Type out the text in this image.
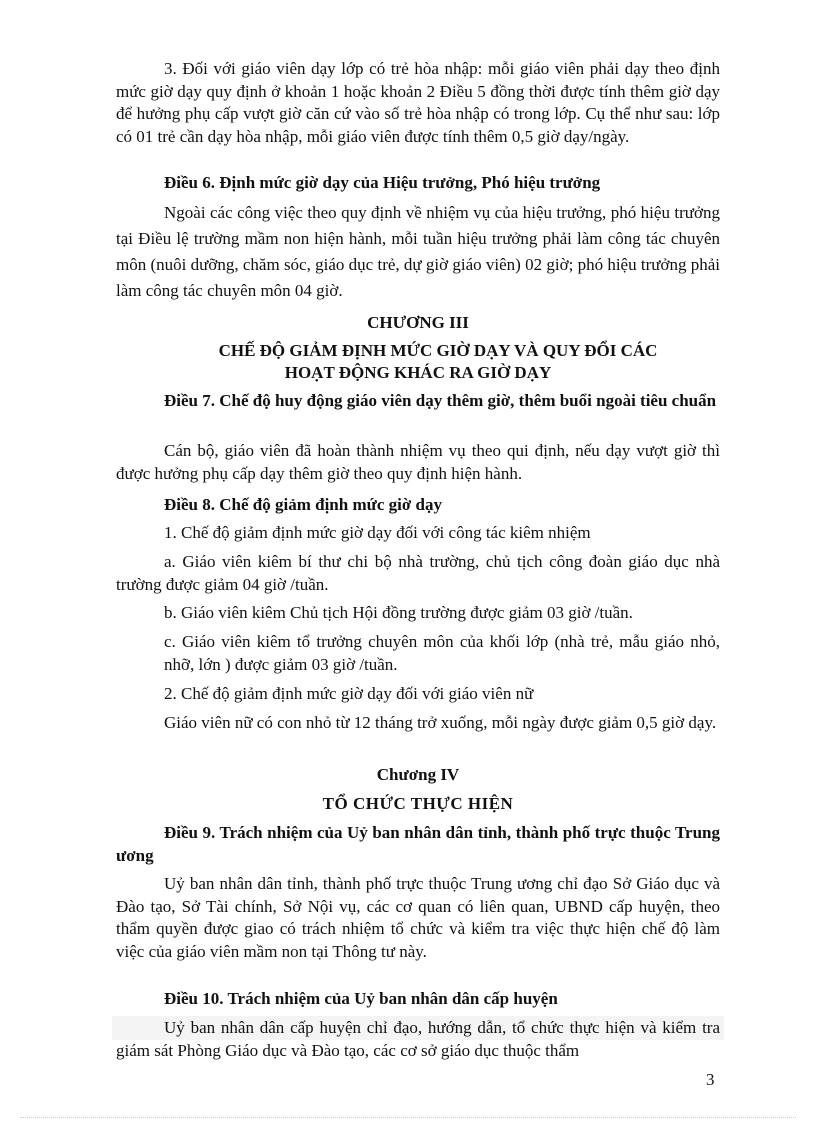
3. Đối với giáo viên dạy lớp có trẻ hòa nhập: mỗi giáo viên phải dạy theo định mức giờ dạy quy định ở khoản 1 hoặc khoản 2 Điều 5 đồng thời được tính thêm giờ dạy để hưởng phụ cấp vượt giờ căn cứ vào số trẻ hòa nhập có trong lớp. Cụ thể như sau: lớp có 01 trẻ cần dạy hòa nhập, mỗi giáo viên được tính thêm 0,5 giờ dạy/ngày.

Điều 6. Định mức giờ dạy của Hiệu trưởng, Phó hiệu trưởng

Ngoài các công việc theo quy định về nhiệm vụ của hiệu trưởng, phó hiệu trưởng tại Điều lệ trường mầm non hiện hành, mỗi tuần hiệu trưởng phải làm công tác chuyên môn (nuôi dưỡng, chăm sóc, giáo dục trẻ, dự giờ giáo viên) 02 giờ; phó hiệu trưởng phải làm công tác chuyên môn 04 giờ.

CHƯƠNG III

CHẾ ĐỘ GIẢM ĐỊNH MỨC GIỜ DẠY VÀ QUY ĐỔI CÁC

HOẠT ĐỘNG KHÁC RA GIỜ DẠY

Điều 7. Chế độ huy động giáo viên dạy thêm giờ, thêm buổi ngoài tiêu chuẩn

Cán bộ, giáo viên đã hoàn thành nhiệm vụ theo qui định, nếu dạy vượt giờ thì được hưởng phụ cấp dạy thêm giờ theo quy định hiện hành.

Điều 8. Chế độ giảm định mức giờ dạy

1. Chế độ giảm định mức giờ dạy đối với công tác kiêm nhiệm

a. Giáo viên kiêm bí thư chi bộ nhà trường, chủ tịch công đoàn giáo dục nhà trường được giảm 04 giờ /tuần.

b. Giáo viên kiêm Chủ tịch Hội đồng trường được giảm 03 giờ /tuần.

c. Giáo viên kiêm tổ trưởng chuyên môn của khối lớp (nhà trẻ, mẫu giáo nhỏ, nhỡ, lớn ) được giảm 03 giờ /tuần.

2. Chế độ giảm định mức giờ dạy đối với giáo viên nữ

Giáo viên nữ có con nhỏ từ 12 tháng trở xuống, mỗi ngày được giảm 0,5 giờ dạy.

Chương IV

TỔ CHỨC THỰC HIỆN

Điều 9. Trách nhiệm của Uỷ ban nhân dân tỉnh, thành phố trực thuộc Trung ương

Uỷ ban nhân dân tỉnh, thành phố trực thuộc Trung ương chỉ đạo Sở Giáo dục và Đào tạo, Sở Tài chính, Sở Nội vụ, các cơ quan có liên quan, UBND cấp huyện, theo thẩm quyền được giao có trách nhiệm tổ chức và kiểm tra việc thực hiện chế độ làm việc của giáo viên mầm non tại Thông tư này.

Điều 10. Trách nhiệm của Uỷ ban nhân dân cấp huyện

Uỷ ban nhân dân cấp huyện chỉ đạo, hướng dẫn, tổ chức thực hiện và kiểm tra giám sát Phòng Giáo dục và Đào tạo, các cơ sở giáo dục thuộc thẩm

3
